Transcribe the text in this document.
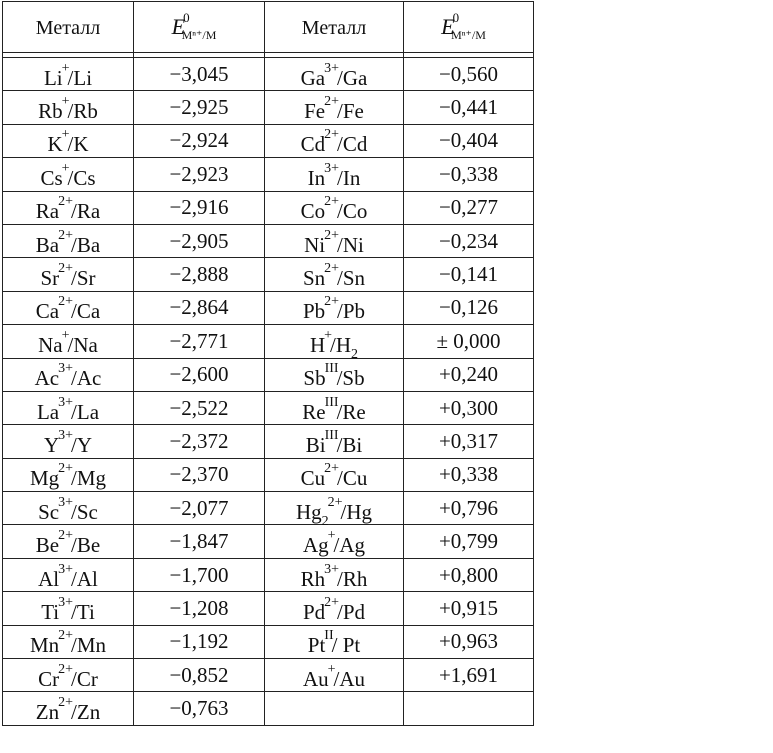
Металл	$E^0_{M^{n+}/M}$	Металл	$E^0_{M^{n+}/M}$

Li+/Li	−3,045	$Ga^{3+}/Ga$	−0,560
Rb+/Rb	−2,925	$Fe^{2+}/Fe$	−0,441
K+/K	−2,924	$Cd^{2+}/Cd$	−0,404
Cs+/Cs	−2,923	$In^{3+}/In$	−0,338
$Ra^{2+}/Ra$	−2,916	$Co^{2+}/Co$	−0,277
$Ba^{2+}/Ba$	−2,905	$Ni^{2+}/Ni$	−0,234
$Sr^{2+}/Sr$	−2,888	$Sn^{2+}/Sn$	−0,141
$Ca^{2+}/Ca$	−2,864	$Pb^{2+}/Pb$	−0,126
Na+/Na	−2,771	$H^+/H_2$	± 0,000
$Ac^{3+}/Ac$	−2,600	$Sb^{III}/Sb$	+0,240
$La^{3+}/La$	−2,522	$Re^{III}/Re$	+0,300
$Y^{3+}/Y$	−2,372	$Bi^{III}/Bi$	+0,317
$Mg^{2+}/Mg$	−2,370	$Cu^{2+}/Cu$	+0,338
$Sc^{3+}/Sc$	−2,077	$Hg_2^{2+}/Hg$	+0,796
$Be^{2+}/Be$	−1,847	Ag+/Ag	+0,799
$Al^{3+}/Al$	−1,700	$Rh^{3+}/Rh$	+0,800
$Ti^{3+}/Ti$	−1,208	$Pd^{2+}/Pd$	+0,915
$Mn^{2+}/Mn$	−1,192	$Pt^{II}/$ Pt	+0,963
$Cr^{2+}/Cr$	−0,852	Au+/Au	+1,691
$Zn^{2+}/Zn$	−0,763		
